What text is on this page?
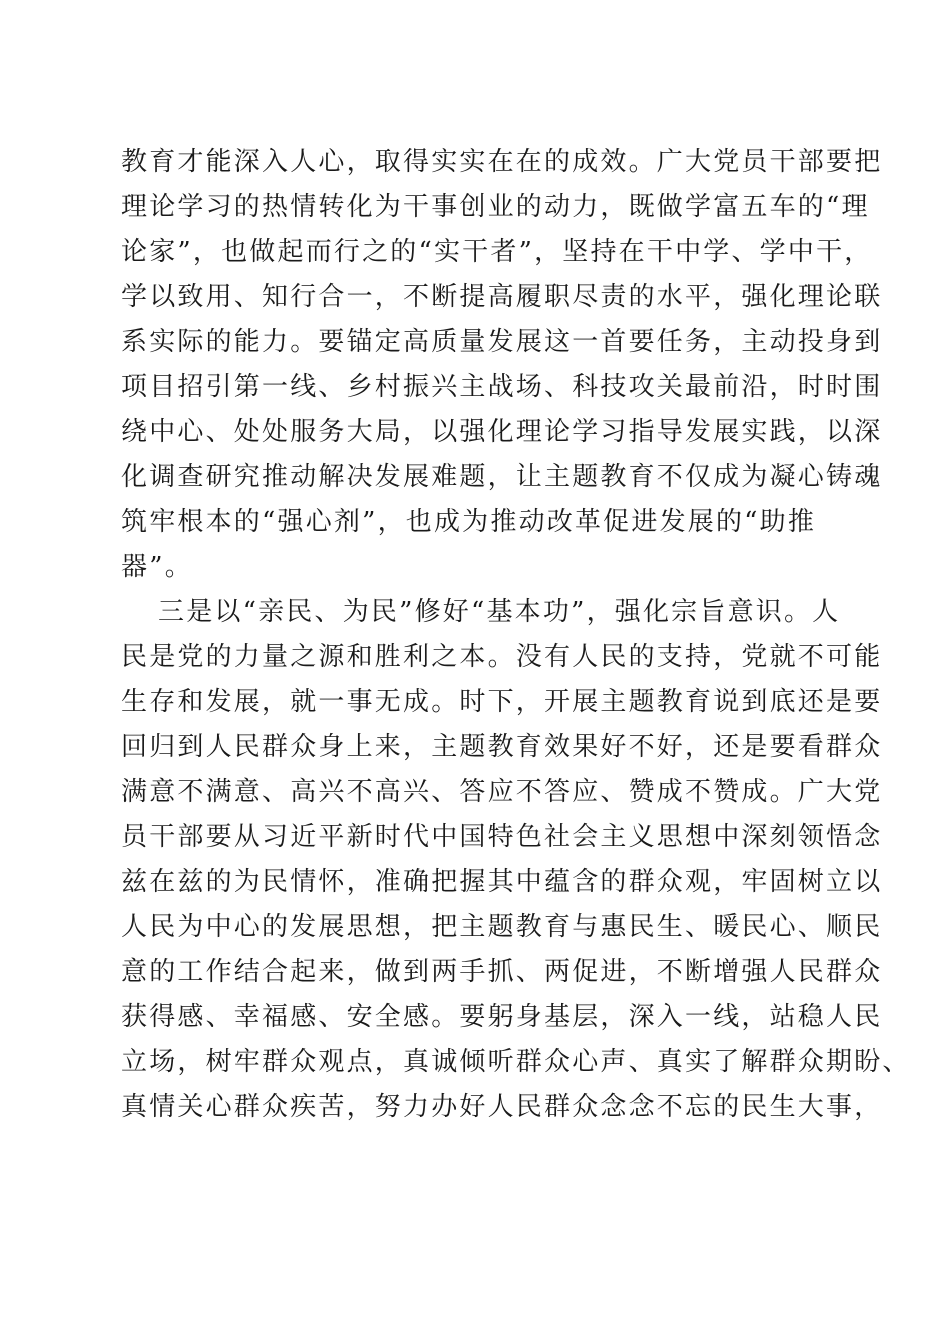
教育才能深入人心，取得实实在在的成效。广大党员干部要把
理论学习的热情转化为干事创业的动力，既做学富五车的“理
论家”，也做起而行之的“实干者”，坚持在干中学、学中干，
学以致用、知行合一，不断提高履职尽责的水平，强化理论联
系实际的能力。要锚定高质量发展这一首要任务，主动投身到
项目招引第一线、乡村振兴主战场、科技攻关最前沿，时时围
绕中心、处处服务大局，以强化理论学习指导发展实践，以深
化调查研究推动解决发展难题，让主题教育不仅成为凝心铸魂
筑牢根本的“强心剂”，也成为推动改革促进发展的“助推
器”。
三是以“亲民、为民”修好“基本功”，强化宗旨意识。人
民是党的力量之源和胜利之本。没有人民的支持，党就不可能
生存和发展，就一事无成。时下，开展主题教育说到底还是要
回归到人民群众身上来，主题教育效果好不好，还是要看群众
满意不满意、高兴不高兴、答应不答应、赞成不赞成。广大党
员干部要从习近平新时代中国特色社会主义思想中深刻领悟念
兹在兹的为民情怀，准确把握其中蕴含的群众观，牢固树立以
人民为中心的发展思想，把主题教育与惠民生、暖民心、顺民
意的工作结合起来，做到两手抓、两促进，不断增强人民群众
获得感、幸福感、安全感。要躬身基层，深入一线，站稳人民
立场，树牢群众观点，真诚倾听群众心声、真实了解群众期盼、
真情关心群众疾苦，努力办好人民群众念念不忘的民生大事，
